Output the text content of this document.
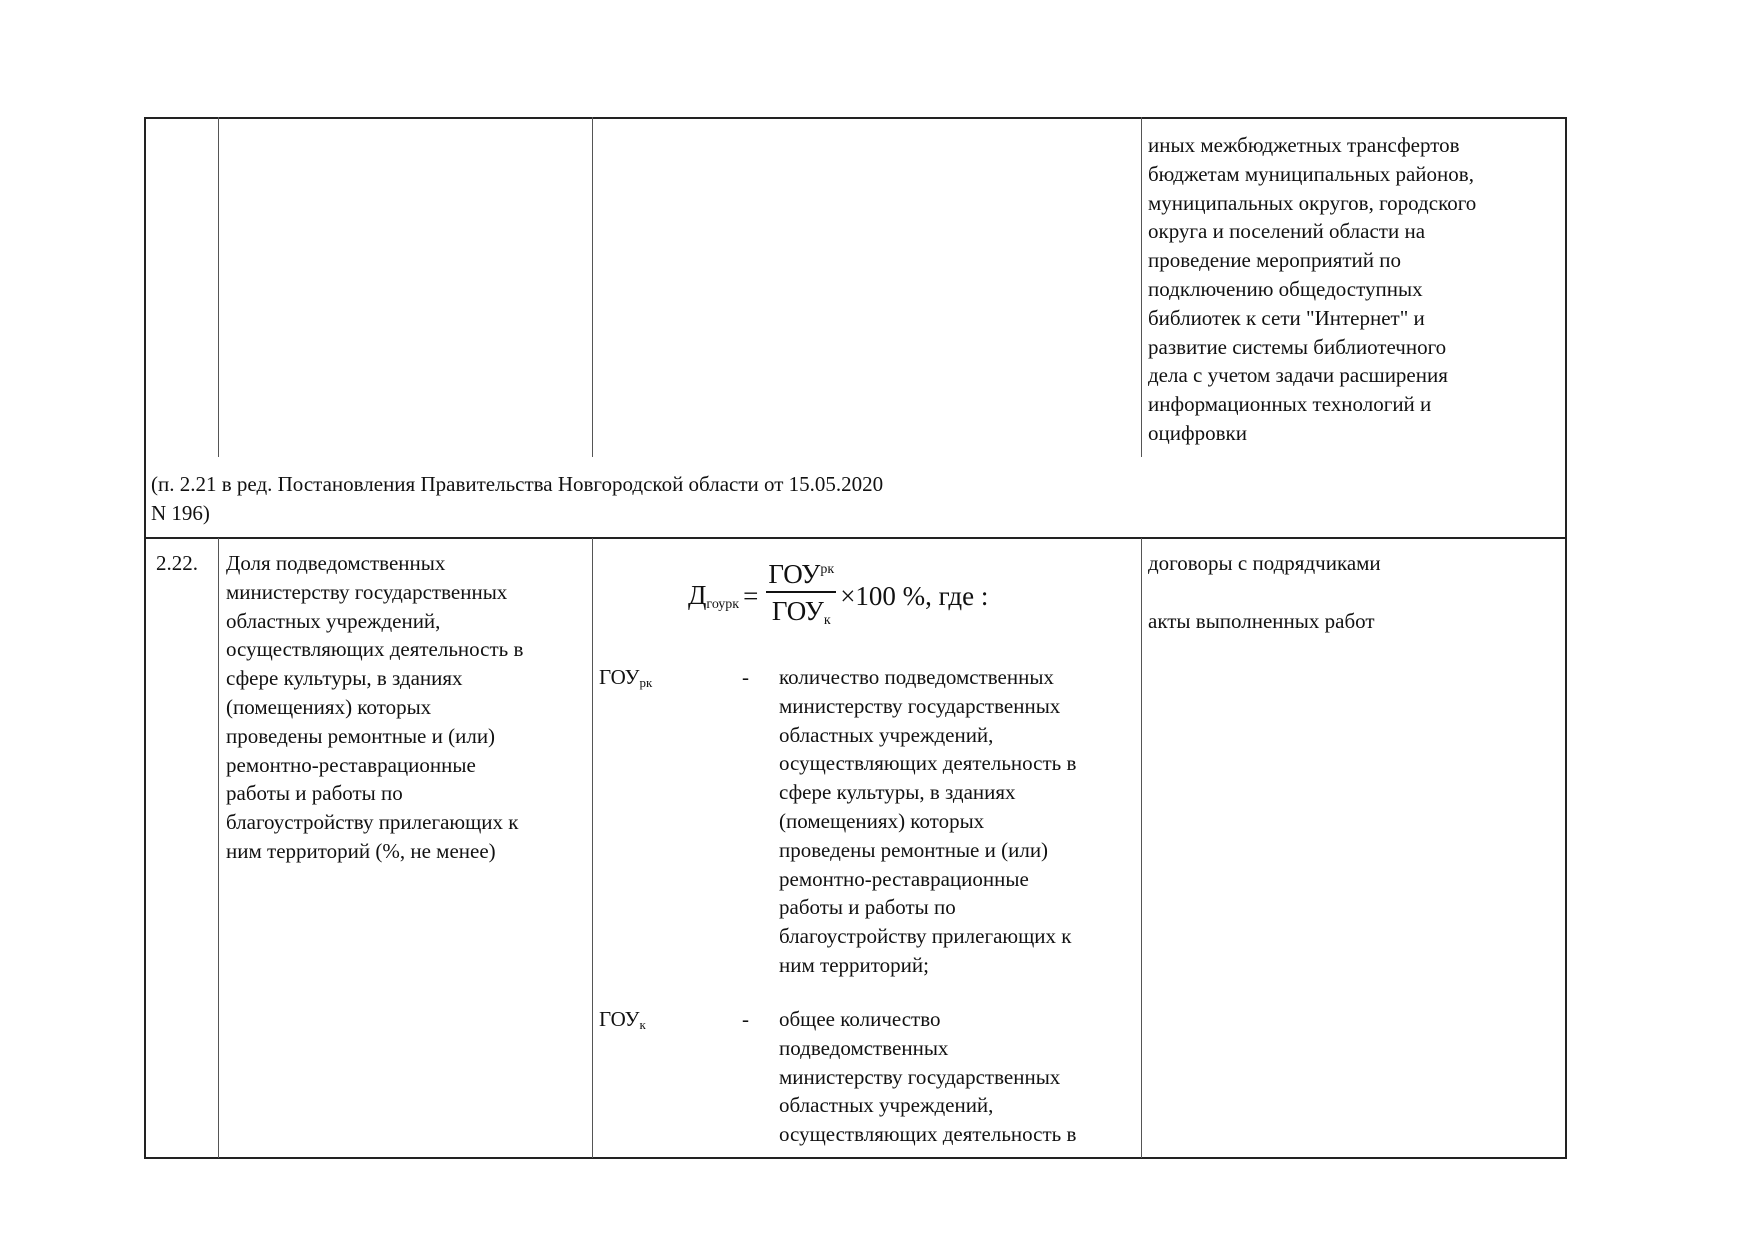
иных межбюджетных трансфертов
бюджетам муниципальных районов,
муниципальных округов, городского
округа и поселений области на
проведение мероприятий по
подключению общедоступных
библиотек к сети "Интернет" и
развитие системы библиотечного
дела с учетом задачи расширения
информационных технологий и
оцифровки
(п. 2.21 в ред. Постановления Правительства Новгородской области от 15.05.2020
N 196)
2.22. Доля подведомственных
министерству государственных
областных учреждений,
осуществляющих деятельность в
сфере культуры, в зданиях
(помещениях) которых
проведены ремонтные и (или)
ремонтно-реставрационные
работы и работы по
благоустройству прилегающих к
ним территорий (%, не менее)
Дгоурк = $\frac{ГОУ^{рк}}{\text{ГОУк}} \times 100$ %, где :
$ГОУ_{рк}$	- количество подведомственных
министерству государственных
областных учреждений,
осуществляющих деятельность в
сфере культуры, в зданиях
(помещениях) которых
проведены ремонтные и (или)
ремонтно-реставрационные
работы и работы по
благоустройству прилегающих к
ним территорий;
$ГОУ_к$	- общее количество
подведомственных
министерству государственных
областных учреждений,
осуществляющих деятельность в
договоры с подрядчиками
акты выполненных работ
